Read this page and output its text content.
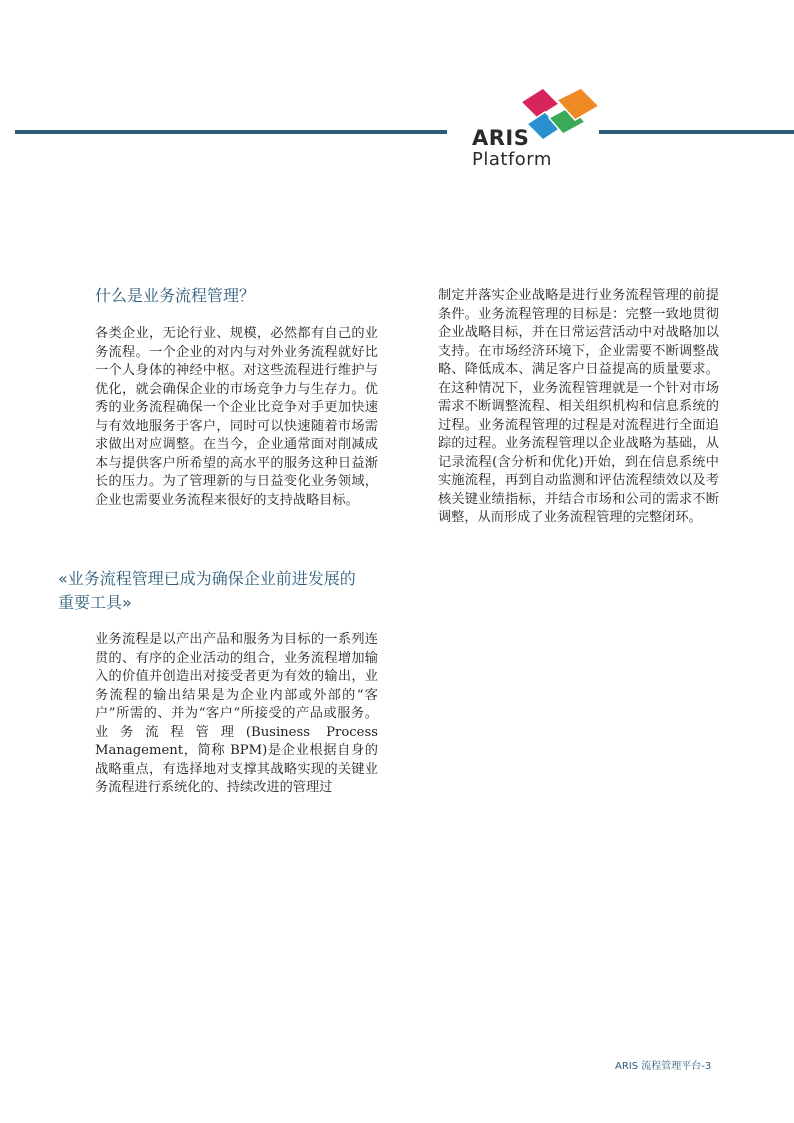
ARIS
Platform
什么是业务流程管理？

各类企业，无论行业、规模，必然都有自己的业务流程。一个企业的对内与对外业务流程就好比一个人身体的神经中枢。对这些流程进行维护与优化，就会确保企业的市场竞争力与生存力。优秀的业务流程确保一个企业比竞争对手更加快速与有效地服务于客户，同时可以快速随着市场需求做出对应调整。在当今，企业通常面对削减成本与提供客户所希望的高水平的服务这种日益渐长的压力。为了管理新的与日益变化业务领域，企业也需要业务流程来很好的支持战略目标。

«业务流程管理已成为确保企业前进发展的重要工具»

业务流程是以产出产品和服务为目标的一系列连贯的、有序的企业活动的组合，业务流程增加输入的价值并创造出对接受者更为有效的输出，业务流程的输出结果是为企业内部或外部的“客户”所需的、并为“客户”所接受的产品或服务。业务流程管理(Business Process Management，简称 BPM)是企业根据自身的战略重点，有选择地对支撑其战略实现的关键业务流程进行系统化的、持续改进的管理过

制定并落实企业战略是进行业务流程管理的前提条件。业务流程管理的目标是：完整一致地贯彻企业战略目标，并在日常运营活动中对战略加以支持。在市场经济环境下，企业需要不断调整战略、降低成本、满足客户日益提高的质量要求。在这种情况下，业务流程管理就是一个针对市场需求不断调整流程、相关组织机构和信息系统的过程。业务流程管理的过程是对流程进行全面追踪的过程。业务流程管理以企业战略为基础，从记录流程(含分析和优化)开始，到在信息系统中实施流程，再到自动监测和评估流程绩效以及考核关键业绩指标，并结合市场和公司的需求不断调整，从而形成了业务流程管理的完整闭环。

ARIS 流程管理平台-3
